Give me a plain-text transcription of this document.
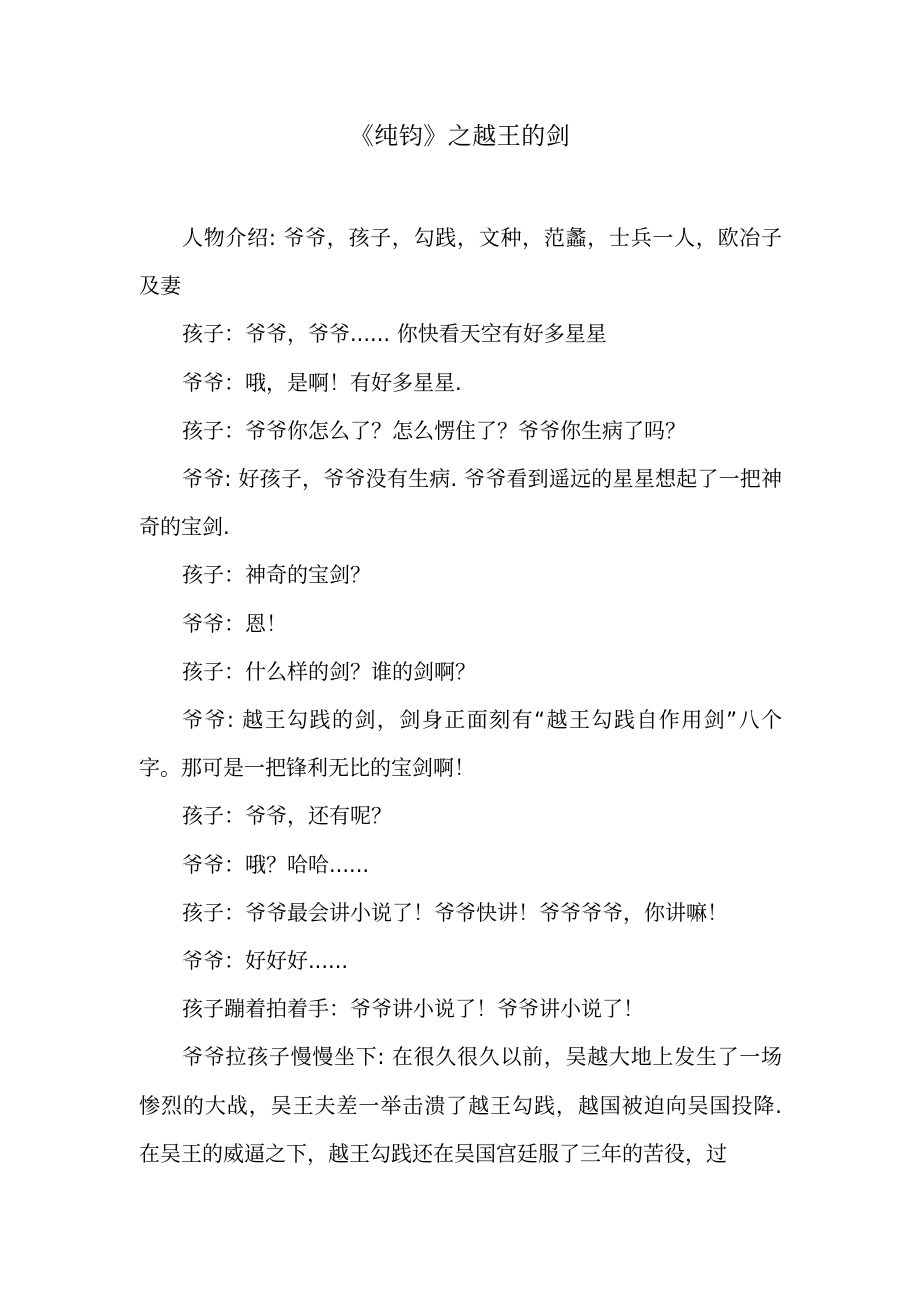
《纯钧》之越王的剑

人物介绍: 爷爷，孩子，勾践，文种，范蠡，士兵一人，欧冶子及妻

孩子：爷爷，爷爷...... 你快看天空有好多星星

爷爷：哦，是啊！有好多星星.

孩子：爷爷你怎么了？怎么愣住了？爷爷你生病了吗？

爷爷: 好孩子，爷爷没有生病. 爷爷看到遥远的星星想起了一把神奇的宝剑.

孩子：神奇的宝剑？

爷爷：恩！

孩子：什么样的剑？谁的剑啊？

爷爷: 越王勾践的剑，剑身正面刻有“越王勾践自作用剑”八个字。那可是一把锋利无比的宝剑啊！

孩子：爷爷，还有呢？

爷爷：哦？哈哈......

孩子：爷爷最会讲小说了！爷爷快讲！爷爷爷爷，你讲嘛！

爷爷：好好好......

孩子蹦着拍着手：爷爷讲小说了！爷爷讲小说了！

爷爷拉孩子慢慢坐下: 在很久很久以前，吴越大地上发生了一场惨烈的大战，吴王夫差一举击溃了越王勾践，越国被迫向吴国投降. 在吴王的威逼之下，越王勾践还在吴国宫廷服了三年的苦役，过
